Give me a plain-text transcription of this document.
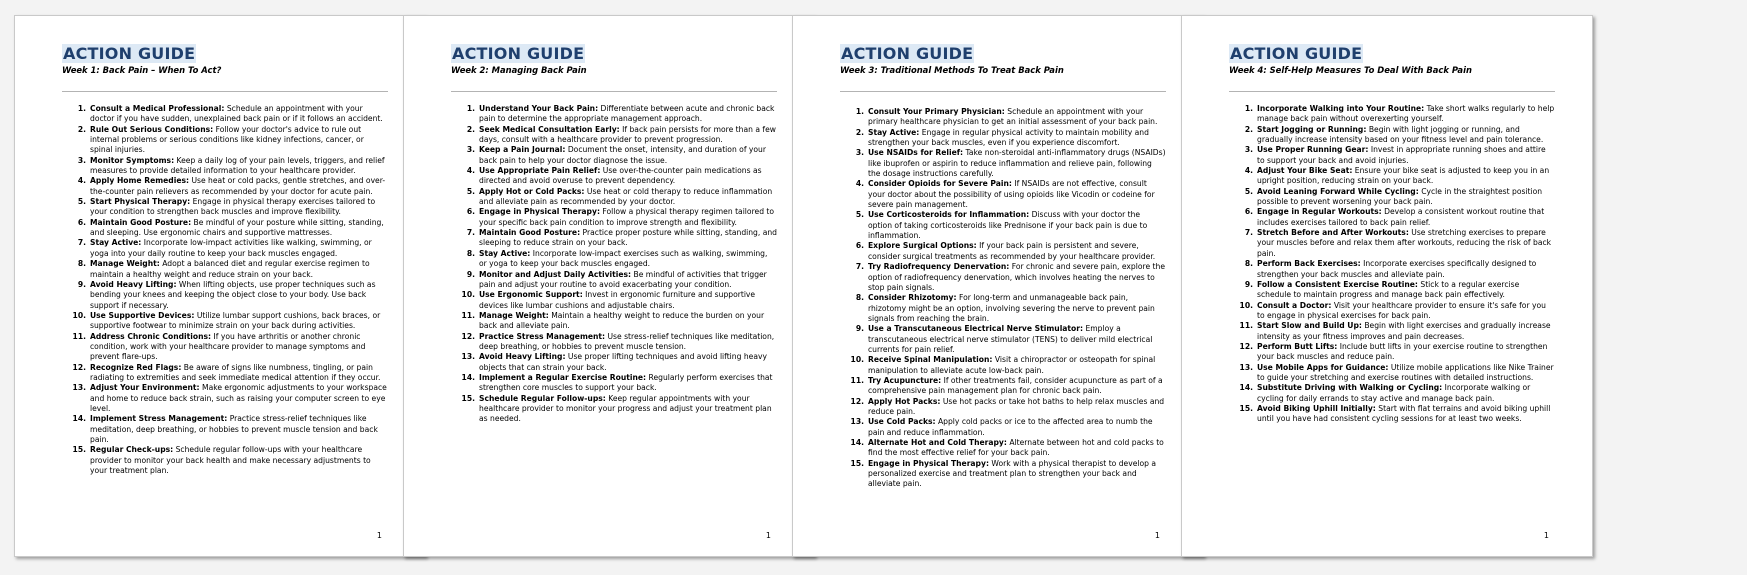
ACTION GUIDE
Week 1: Back Pain – When To Act?
1. Consult a Medical Professional: Schedule an appointment with your doctor if you have sudden, unexplained back pain or if it follows an accident.
2. Rule Out Serious Conditions: Follow your doctor's advice to rule out internal problems or serious conditions like kidney infections, cancer, or spinal injuries.
3. Monitor Symptoms: Keep a daily log of your pain levels, triggers, and relief measures to provide detailed information to your healthcare provider.
4. Apply Home Remedies: Use heat or cold packs, gentle stretches, and over-the-counter pain relievers as recommended by your doctor for acute pain.
5. Start Physical Therapy: Engage in physical therapy exercises tailored to your condition to strengthen back muscles and improve flexibility.
6. Maintain Good Posture: Be mindful of your posture while sitting, standing, and sleeping. Use ergonomic chairs and supportive mattresses.
7. Stay Active: Incorporate low-impact activities like walking, swimming, or yoga into your daily routine to keep your back muscles engaged.
8. Manage Weight: Adopt a balanced diet and regular exercise regimen to maintain a healthy weight and reduce strain on your back.
9. Avoid Heavy Lifting: When lifting objects, use proper techniques such as bending your knees and keeping the object close to your body. Use back support if necessary.
10. Use Supportive Devices: Utilize lumbar support cushions, back braces, or supportive footwear to minimize strain on your back during activities.
11. Address Chronic Conditions: If you have arthritis or another chronic condition, work with your healthcare provider to manage symptoms and prevent flare-ups.
12. Recognize Red Flags: Be aware of signs like numbness, tingling, or pain radiating to extremities and seek immediate medical attention if they occur.
13. Adjust Your Environment: Make ergonomic adjustments to your workspace and home to reduce back strain, such as raising your computer screen to eye level.
14. Implement Stress Management: Practice stress-relief techniques like meditation, deep breathing, or hobbies to prevent muscle tension and back pain.
15. Regular Check-ups: Schedule regular follow-ups with your healthcare provider to monitor your back health and make necessary adjustments to your treatment plan.
1
ACTION GUIDE
Week 2: Managing Back Pain
1. Understand Your Back Pain: Differentiate between acute and chronic back pain to determine the appropriate management approach.
2. Seek Medical Consultation Early: If back pain persists for more than a few days, consult with a healthcare provider to prevent progression.
3. Keep a Pain Journal: Document the onset, intensity, and duration of your back pain to help your doctor diagnose the issue.
4. Use Appropriate Pain Relief: Use over-the-counter pain medications as directed and avoid overuse to prevent dependency.
5. Apply Hot or Cold Packs: Use heat or cold therapy to reduce inflammation and alleviate pain as recommended by your doctor.
6. Engage in Physical Therapy: Follow a physical therapy regimen tailored to your specific back pain condition to improve strength and flexibility.
7. Maintain Good Posture: Practice proper posture while sitting, standing, and sleeping to reduce strain on your back.
8. Stay Active: Incorporate low-impact exercises such as walking, swimming, or yoga to keep your back muscles engaged.
9. Monitor and Adjust Daily Activities: Be mindful of activities that trigger pain and adjust your routine to avoid exacerbating your condition.
10. Use Ergonomic Support: Invest in ergonomic furniture and supportive devices like lumbar cushions and adjustable chairs.
11. Manage Weight: Maintain a healthy weight to reduce the burden on your back and alleviate pain.
12. Practice Stress Management: Use stress-relief techniques like meditation, deep breathing, or hobbies to prevent muscle tension.
13. Avoid Heavy Lifting: Use proper lifting techniques and avoid lifting heavy objects that can strain your back.
14. Implement a Regular Exercise Routine: Regularly perform exercises that strengthen core muscles to support your back.
15. Schedule Regular Follow-ups: Keep regular appointments with your healthcare provider to monitor your progress and adjust your treatment plan as needed.
1
ACTION GUIDE
Week 3: Traditional Methods To Treat Back Pain
1. Consult Your Primary Physician: Schedule an appointment with your primary healthcare physician to get an initial assessment of your back pain.
2. Stay Active: Engage in regular physical activity to maintain mobility and strengthen your back muscles, even if you experience discomfort.
3. Use NSAIDs for Relief: Take non-steroidal anti-inflammatory drugs (NSAIDs) like ibuprofen or aspirin to reduce inflammation and relieve pain, following the dosage instructions carefully.
4. Consider Opioids for Severe Pain: If NSAIDs are not effective, consult your doctor about the possibility of using opioids like Vicodin or codeine for severe pain management.
5. Use Corticosteroids for Inflammation: Discuss with your doctor the option of taking corticosteroids like Prednisone if your back pain is due to inflammation.
6. Explore Surgical Options: If your back pain is persistent and severe, consider surgical treatments as recommended by your healthcare provider.
7. Try Radiofrequency Denervation: For chronic and severe pain, explore the option of radiofrequency denervation, which involves heating the nerves to stop pain signals.
8. Consider Rhizotomy: For long-term and unmanageable back pain, rhizotomy might be an option, involving severing the nerve to prevent pain signals from reaching the brain.
9. Use a Transcutaneous Electrical Nerve Stimulator: Employ a transcutaneous electrical nerve stimulator (TENS) to deliver mild electrical currents for pain relief.
10. Receive Spinal Manipulation: Visit a chiropractor or osteopath for spinal manipulation to alleviate acute low-back pain.
11. Try Acupuncture: If other treatments fail, consider acupuncture as part of a comprehensive pain management plan for chronic back pain.
12. Apply Hot Packs: Use hot packs or take hot baths to help relax muscles and reduce pain.
13. Use Cold Packs: Apply cold packs or ice to the affected area to numb the pain and reduce inflammation.
14. Alternate Hot and Cold Therapy: Alternate between hot and cold packs to find the most effective relief for your back pain.
15. Engage in Physical Therapy: Work with a physical therapist to develop a personalized exercise and treatment plan to strengthen your back and alleviate pain.
1
ACTION GUIDE
Week 4: Self-Help Measures To Deal With Back Pain
1. Incorporate Walking into Your Routine: Take short walks regularly to help manage back pain without overexerting yourself.
2. Start Jogging or Running: Begin with light jogging or running, and gradually increase intensity based on your fitness level and pain tolerance.
3. Use Proper Running Gear: Invest in appropriate running shoes and attire to support your back and avoid injuries.
4. Adjust Your Bike Seat: Ensure your bike seat is adjusted to keep you in an upright position, reducing strain on your back.
5. Avoid Leaning Forward While Cycling: Cycle in the straightest position possible to prevent worsening your back pain.
6. Engage in Regular Workouts: Develop a consistent workout routine that includes exercises tailored to back pain relief.
7. Stretch Before and After Workouts: Use stretching exercises to prepare your muscles before and relax them after workouts, reducing the risk of back pain.
8. Perform Back Exercises: Incorporate exercises specifically designed to strengthen your back muscles and alleviate pain.
9. Follow a Consistent Exercise Routine: Stick to a regular exercise schedule to maintain progress and manage back pain effectively.
10. Consult a Doctor: Visit your healthcare provider to ensure it's safe for you to engage in physical exercises for back pain.
11. Start Slow and Build Up: Begin with light exercises and gradually increase intensity as your fitness improves and pain decreases.
12. Perform Butt Lifts: Include butt lifts in your exercise routine to strengthen your back muscles and reduce pain.
13. Use Mobile Apps for Guidance: Utilize mobile applications like Nike Trainer to guide your stretching and exercise routines with detailed instructions.
14. Substitute Driving with Walking or Cycling: Incorporate walking or cycling for daily errands to stay active and manage back pain.
15. Avoid Biking Uphill Initially: Start with flat terrains and avoid biking uphill until you have had consistent cycling sessions for at least two weeks.
1
